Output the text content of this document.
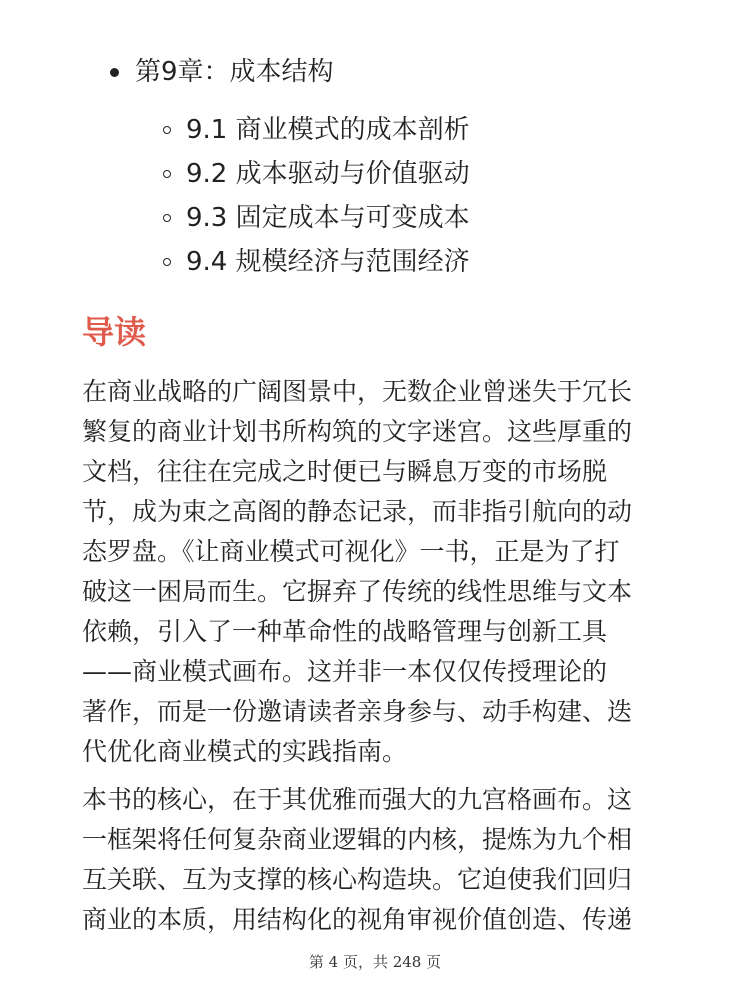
第9章：成本结构
9.1 商业模式的成本剖析
9.2 成本驱动与价值驱动
9.3 固定成本与可变成本
9.4 规模经济与范围经济
导读

在商业战略的广阔图景中，无数企业曾迷失于冗长
繁复的商业计划书所构筑的文字迷宫。这些厚重的
文档，往往在完成之时便已与瞬息万变的市场脱
节，成为束之高阁的静态记录，而非指引航向的动
态罗盘。《让商业模式可视化》一书，正是为了打
破这一困局而生。它摒弃了传统的线性思维与文本
依赖，引入了一种革命性的战略管理与创新工具
——商业模式画布。这并非一本仅仅传授理论的
著作，而是一份邀请读者亲身参与、动手构建、迭
代优化商业模式的实践指南。

本书的核心，在于其优雅而强大的九宫格画布。这
一框架将任何复杂商业逻辑的内核，提炼为九个相
互关联、互为支撑的核心构造块。它迫使我们回归
商业的本质，用结构化的视角审视价值创造、传递

第 4 页，共 248 页
